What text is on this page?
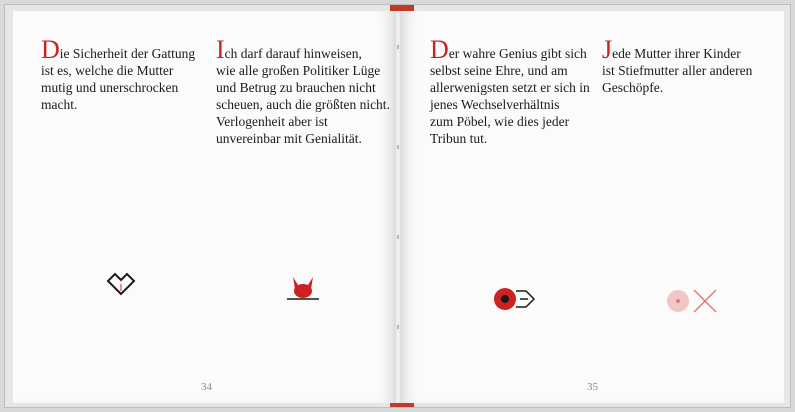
Die Sicherheit der Gattung
ist es, welche die Mutter
mutig und unerschrocken
macht.

Ich darf darauf hinweisen,
wie alle großen Politiker Lüge
und Betrug zu brauchen nicht
scheuen, auch die größten nicht.
Verlogenheit aber ist
unvereinbar mit Genialität.

34

Der wahre Genius gibt sich
selbst seine Ehre, und am
allerwenigsten setzt er sich in
jenes Wechselverhältnis
zum Pöbel, wie dies jeder
Tribun tut.

Jede Mutter ihrer Kinder
ist Stiefmutter aller anderen
Geschöpfe.

35
